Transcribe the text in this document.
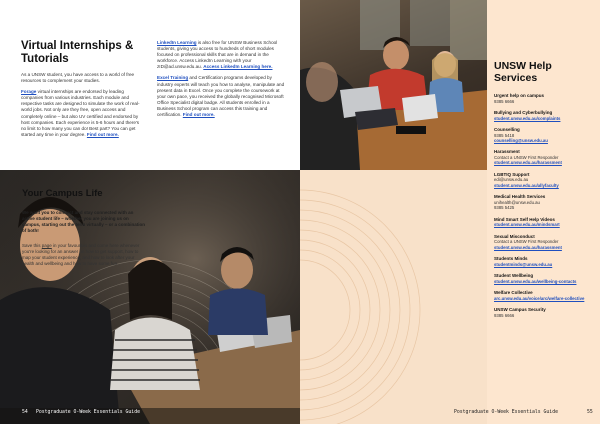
Virtual Internships & Tutorials

As a UNSW student, you have access to a world of free resources to complement your studies.

Forage virtual internships are endorsed by leading companies from various industries. Each module and respective tasks are designed to simulate the work of real-world jobs. Not only are they free, open access and completely online – but also UV certified and endorsed by host companies. Each experience is 5-6 hours and there's no limit to how many you can do! Best part? You can get started any time in your degree. Find out more.

LinkedIn Learning is also free for UNSW Business School students, giving you access to hundreds of short modules focused on professional skills that are in demand in the workforce. Access LinkedIn Learning with your zID@ad.unsw.edu.au. Access LinkedIn Learning here.

Excel Training and Certification programs developed by industry experts will teach you how to analyse, manipulate and present data in Excel. Once you complete the coursework at your own pace, you received the globally recognised Microsoft Office Specialist digital badge. All students enrolled in a Business School program can access this training and certification. Find out more.

54 Postgraduate O-Week Essentials Guide
Your Campus Life

We want you to connect and stay connected with an active student life – whether you are joining us on campus, starting out the term virtually – or a combination of both!

Save this page in your favourites and come here whenever you're looking for an answer on how to get support, how to map your student experience, and how to look after your health and wellbeing and how to have some fun.

UNSW Help Services
Urgent help on campus
9385 6666
Bullying and Cyberbullying
student.unsw.edu.au/complaints
Counselling
9385 5418
counselling@unsw.edu.au
Harassment
Contact a UNSW First Responder
student.unsw.edu.au/harassment
LGBTIQ Support
edi@unsw.edu.au
student.unsw.edu.au/allyfaculty
Medical Health Services
unihealth@unsw.edu.au
9385 5425
Mind Smart Self Help Videos
student.unsw.edu.au/mindsmart
Sexual Misconduct
Contact a UNSW First Responder
student.unsw.edu.au/harassment
Students Minds
studentminds@unsw.edu.au
Student Wellbeing
student.unsw.edu.au/wellbeing-contacts
Welfare Collective
arc.unsw.edu.au/voice/arc/welfare-collective
UNSW Campus Security
9385 6666
Postgraduate O-Week Essentials Guide	55
